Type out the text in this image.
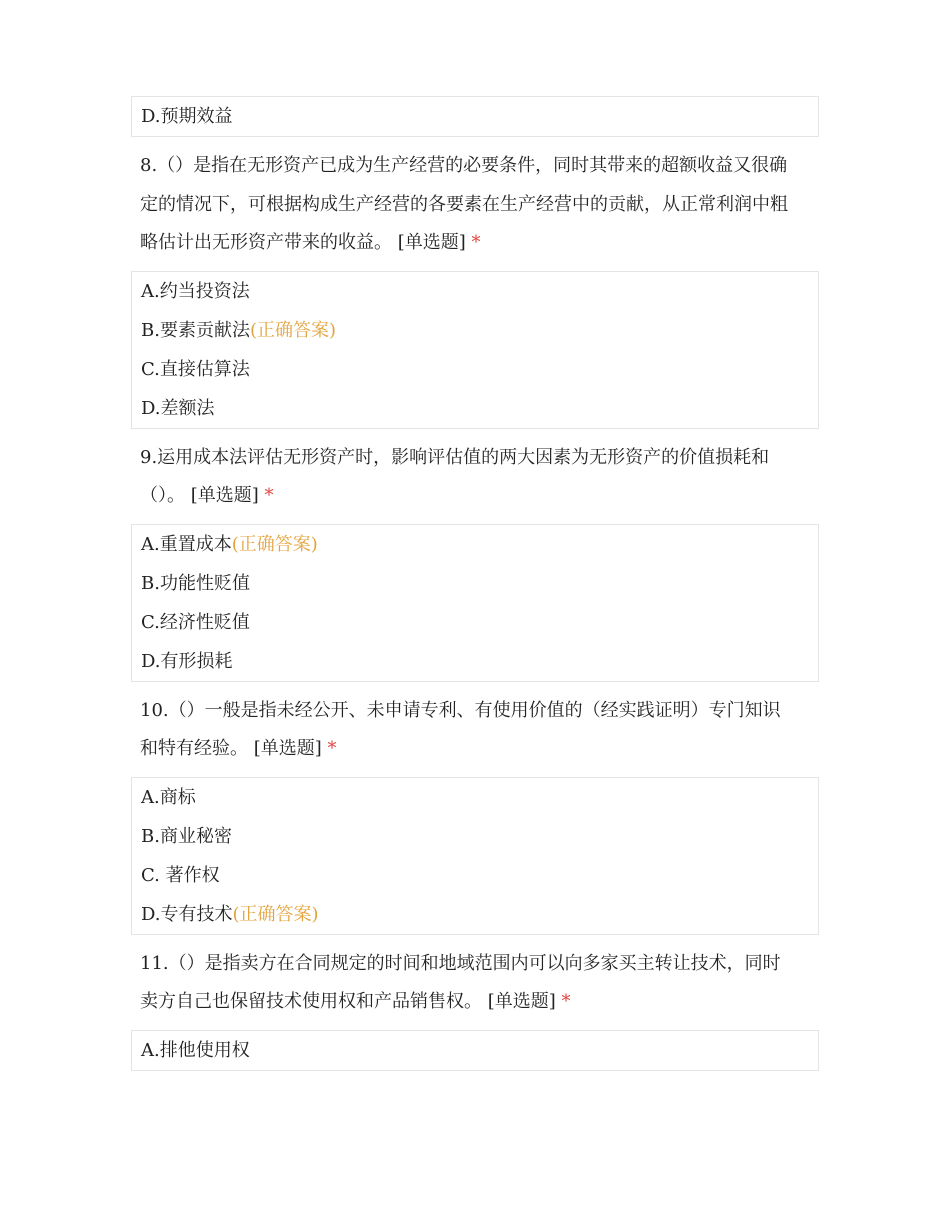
D.预期效益
8.（）是指在无形资产已成为生产经营的必要条件，同时其带来的超额收益又很确
定的情况下，可根据构成生产经营的各要素在生产经营中的贡献，从正常利润中粗
略估计出无形资产带来的收益。 [单选题] *
A.约当投资法
B.要素贡献法(正确答案)
C.直接估算法
D.差额法
9.运用成本法评估无形资产时，影响评估值的两大因素为无形资产的价值损耗和
（）。 [单选题] *
A.重置成本(正确答案)
B.功能性贬值
C.经济性贬值
D.有形损耗
10.（）一般是指未经公开、未申请专利、有使用价值的（经实践证明）专门知识
和特有经验。 [单选题] *
A.商标
B.商业秘密
C. 著作权
D.专有技术(正确答案)
11.（）是指卖方在合同规定的时间和地域范围内可以向多家买主转让技术，同时
卖方自己也保留技术使用权和产品销售权。 [单选题] *
A.排他使用权
